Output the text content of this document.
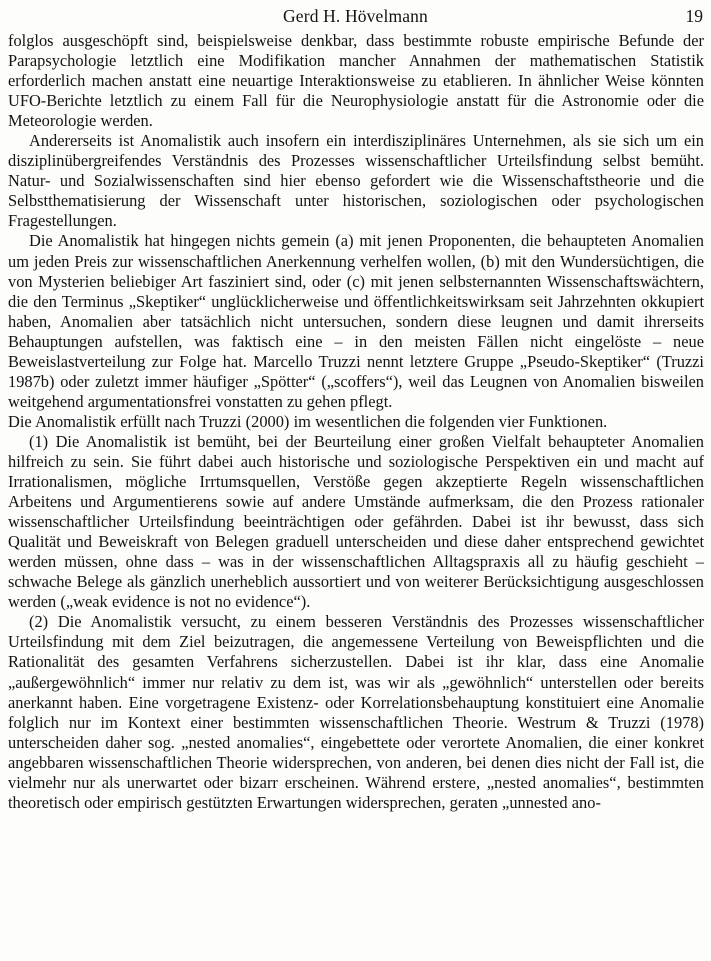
Gerd H. Hövelmann	19

folglos ausgeschöpft sind, beispielsweise denkbar, dass bestimmte robuste empirische Befunde der Parapsychologie letztlich eine Modifikation mancher Annahmen der mathematischen Statistik erforderlich machen anstatt eine neuartige Interaktionsweise zu etablieren. In ähnlicher Weise könnten UFO-Berichte letztlich zu einem Fall für die Neurophysiologie anstatt für die Astronomie oder die Meteorologie werden.

Andererseits ist Anomalistik auch insofern ein interdisziplinäres Unternehmen, als sie sich um ein disziplinübergreifendes Verständnis des Prozesses wissenschaftlicher Urteilsfindung selbst bemüht. Natur- und Sozialwissenschaften sind hier ebenso gefordert wie die Wissenschaftstheorie und die Selbstthematisierung der Wissenschaft unter historischen, soziologischen oder psychologischen Fragestellungen.

Die Anomalistik hat hingegen nichts gemein (a) mit jenen Proponenten, die behaupteten Anomalien um jeden Preis zur wissenschaftlichen Anerkennung verhelfen wollen, (b) mit den Wundersüchtigen, die von Mysterien beliebiger Art fasziniert sind, oder (c) mit jenen selbsternannten Wissenschaftswächtern, die den Terminus „Skeptiker“ unglücklicherweise und öffentlichkeitswirksam seit Jahrzehnten okkupiert haben, Anomalien aber tatsächlich nicht untersuchen, sondern diese leugnen und damit ihrerseits Behauptungen aufstellen, was faktisch eine – in den meisten Fällen nicht eingelöste – neue Beweislastverteilung zur Folge hat. Marcello Truzzi nennt letztere Gruppe „Pseudo-Skeptiker“ (Truzzi 1987b) oder zuletzt immer häufiger „Spötter“ („scoffers“), weil das Leugnen von Anomalien bisweilen weitgehend argumentationsfrei vonstatten zu gehen pflegt.

Die Anomalistik erfüllt nach Truzzi (2000) im wesentlichen die folgenden vier Funktionen.

(1) Die Anomalistik ist bemüht, bei der Beurteilung einer großen Vielfalt behaupteter Anomalien hilfreich zu sein. Sie führt dabei auch historische und soziologische Perspektiven ein und macht auf Irrationalismen, mögliche Irrtumsquellen, Verstöße gegen akzeptierte Regeln wissenschaftlichen Arbeitens und Argumentierens sowie auf andere Umstände aufmerksam, die den Prozess rationaler wissenschaftlicher Urteilsfindung beeinträchtigen oder gefährden. Dabei ist ihr bewusst, dass sich Qualität und Beweiskraft von Belegen graduell unterscheiden und diese daher entsprechend gewichtet werden müssen, ohne dass – was in der wissenschaftlichen Alltagspraxis all zu häufig geschieht – schwache Belege als gänzlich unerheblich aussortiert und von weiterer Berücksichtigung ausgeschlossen werden („weak evidence is not no evidence“).

(2) Die Anomalistik versucht, zu einem besseren Verständnis des Prozesses wissenschaftlicher Urteilsfindung mit dem Ziel beizutragen, die angemessene Verteilung von Beweispflichten und die Rationalität des gesamten Verfahrens sicherzustellen. Dabei ist ihr klar, dass eine Anomalie „außergewöhnlich“ immer nur relativ zu dem ist, was wir als „gewöhnlich“ unterstellen oder bereits anerkannt haben. Eine vorgetragene Existenz- oder Korrelationsbehauptung konstituiert eine Anomalie folglich nur im Kontext einer bestimmten wissenschaftlichen Theorie. Westrum & Truzzi (1978) unterscheiden daher sog. „nested anomalies“, eingebettete oder verortete Anomalien, die einer konkret angebbaren wissenschaftlichen Theorie widersprechen, von anderen, bei denen dies nicht der Fall ist, die vielmehr nur als unerwartet oder bizarr erscheinen. Während erstere, „nested anomalies“, bestimmten theoretisch oder empirisch gestützten Erwartungen widersprechen, geraten „unnested ano-
